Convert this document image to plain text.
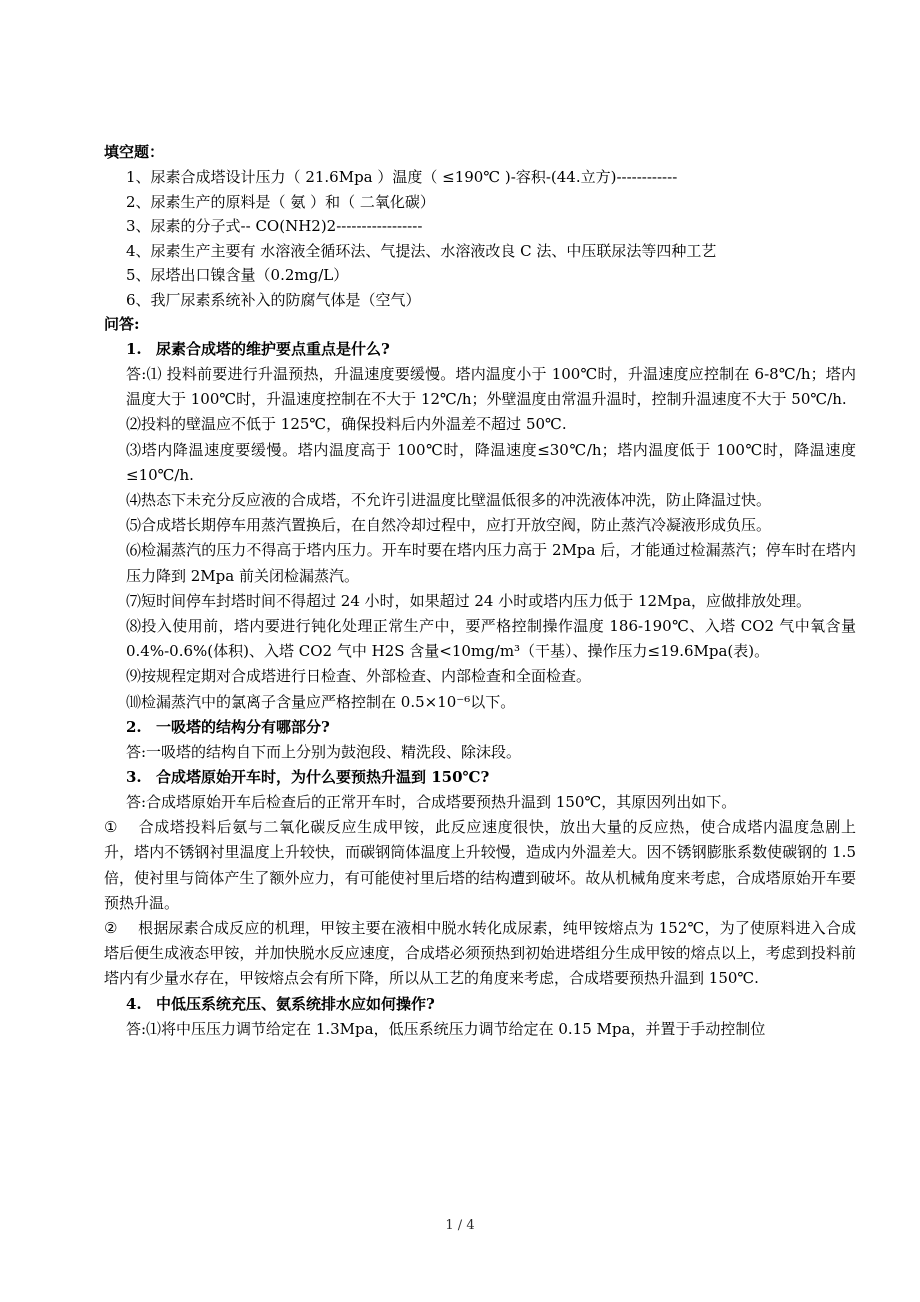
填空题：

1、尿素合成塔设计压力（ 21.6Mpa ）温度（ ≤190℃ )-容积-(44.立方)------------

2、尿素生产的原料是（ 氨 ）和（ 二氧化碳）

3、尿素的分子式-- CO(NH2)2-----------------

4、尿素生产主要有 水溶液全循环法、气提法、水溶液改良 C 法、中压联尿法等四种工艺

5、尿塔出口镍含量（0.2mg/L）

6、我厂尿素系统补入的防腐气体是（空气）

问答:

1. 尿素合成塔的维护要点重点是什么?

答:⑴ 投料前要进行升温预热，升温速度要缓慢。塔内温度小于 100℃时，升温速度应控制在 6-8℃/h；塔内温度大于 100℃时，升温速度控制在不大于 12℃/h；外壁温度由常温升温时，控制升温速度不大于 50℃/h.

⑵投料的壁温应不低于 125℃，确保投料后内外温差不超过 50℃.

⑶塔内降温速度要缓慢。塔内温度高于 100℃时，降温速度≤30℃/h；塔内温度低于 100℃时，降温速度≤10℃/h.

⑷热态下未充分反应液的合成塔，不允许引进温度比壁温低很多的冲洗液体冲洗，防止降温过快。

⑸合成塔长期停车用蒸汽置换后，在自然冷却过程中，应打开放空阀，防止蒸汽冷凝液形成负压。

⑹检漏蒸汽的压力不得高于塔内压力。开车时要在塔内压力高于 2Mpa 后，才能通过检漏蒸汽；停车时在塔内压力降到 2Mpa 前关闭检漏蒸汽。

⑺短时间停车封塔时间不得超过 24 小时，如果超过 24 小时或塔内压力低于 12Mpa，应做排放处理。

⑻投入使用前，塔内要进行钝化处理正常生产中，要严格控制操作温度 186-190℃、入塔 CO2 气中氧含量 0.4%-0.6%(体积)、入塔 CO2 气中 H2S 含量<10mg/m³（干基）、操作压力≤19.6Mpa(表)。

⑼按规程定期对合成塔进行日检查、外部检查、内部检查和全面检查。

⑽检漏蒸汽中的氯离子含量应严格控制在 0.5×10⁻⁶以下。

2. 一吸塔的结构分有哪部分?

答:一吸塔的结构自下而上分别为鼓泡段、精洗段、除沫段。

3. 合成塔原始开车时，为什么要预热升温到 150℃?

答:合成塔原始开车后检查后的正常开车时，合成塔要预热升温到 150℃，其原因列出如下。

① 合成塔投料后氨与二氧化碳反应生成甲铵，此反应速度很快，放出大量的反应热，使合成塔内温度急剧上升，塔内不锈钢衬里温度上升较快，而碳钢筒体温度上升较慢，造成内外温差大。因不锈钢膨胀系数使碳钢的 1.5 倍，使衬里与筒体产生了额外应力，有可能使衬里后塔的结构遭到破坏。故从机械角度来考虑，合成塔原始开车要预热升温。

② 根据尿素合成反应的机理，甲铵主要在液相中脱水转化成尿素，纯甲铵熔点为 152℃，为了使原料进入合成塔后便生成液态甲铵，并加快脱水反应速度，合成塔必须预热到初始进塔组分生成甲铵的熔点以上，考虑到投料前塔内有少量水存在，甲铵熔点会有所下降，所以从工艺的角度来考虑，合成塔要预热升温到 150℃.

4. 中低压系统充压、氨系统排水应如何操作?

答:⑴将中压压力调节给定在 1.3Mpa，低压系统压力调节给定在 0.15 Mpa，并置于手动控制位

1 / 4
